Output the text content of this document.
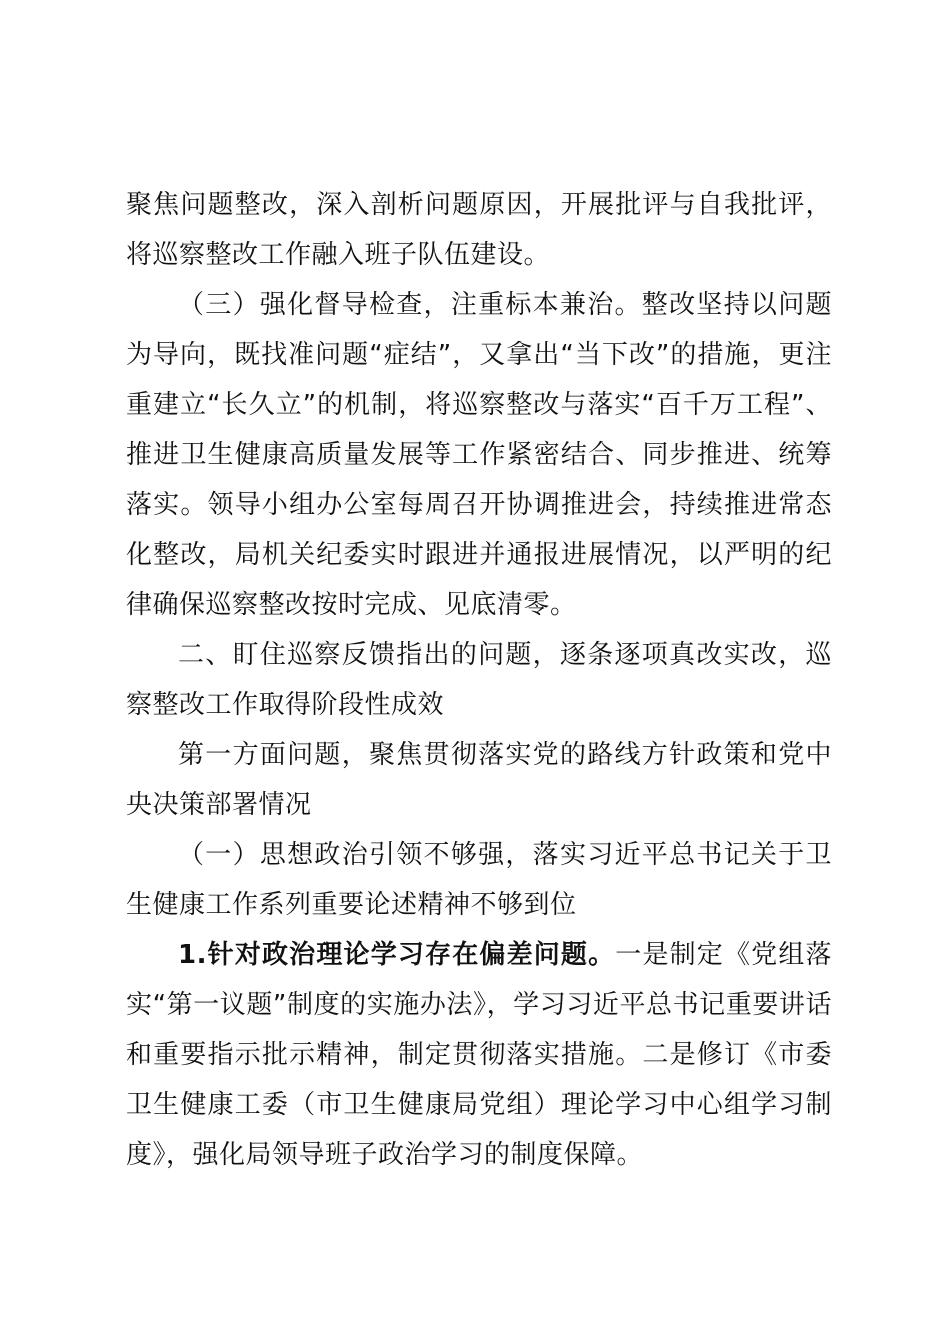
聚焦问题整改，深入剖析问题原因，开展批评与自我批评，将巡察整改工作融入班子队伍建设。

（三）强化督导检查，注重标本兼治。整改坚持以问题为导向，既找准问题“症结”，又拿出“当下改”的措施，更注重建立“长久立”的机制，将巡察整改与落实“百千万工程”、推进卫生健康高质量发展等工作紧密结合、同步推进、统筹落实。领导小组办公室每周召开协调推进会，持续推进常态化整改，局机关纪委实时跟进并通报进展情况，以严明的纪律确保巡察整改按时完成、见底清零。

二、盯住巡察反馈指出的问题，逐条逐项真改实改，巡察整改工作取得阶段性成效

第一方面问题，聚焦贯彻落实党的路线方针政策和党中央决策部署情况

（一）思想政治引领不够强，落实习近平总书记关于卫生健康工作系列重要论述精神不够到位

1.针对政治理论学习存在偏差问题。一是制定《党组落实“第一议题”制度的实施办法》，学习习近平总书记重要讲话和重要指示批示精神，制定贯彻落实措施。二是修订《市委卫生健康工委（市卫生健康局党组）理论学习中心组学习制度》，强化局领导班子政治学习的制度保障。
